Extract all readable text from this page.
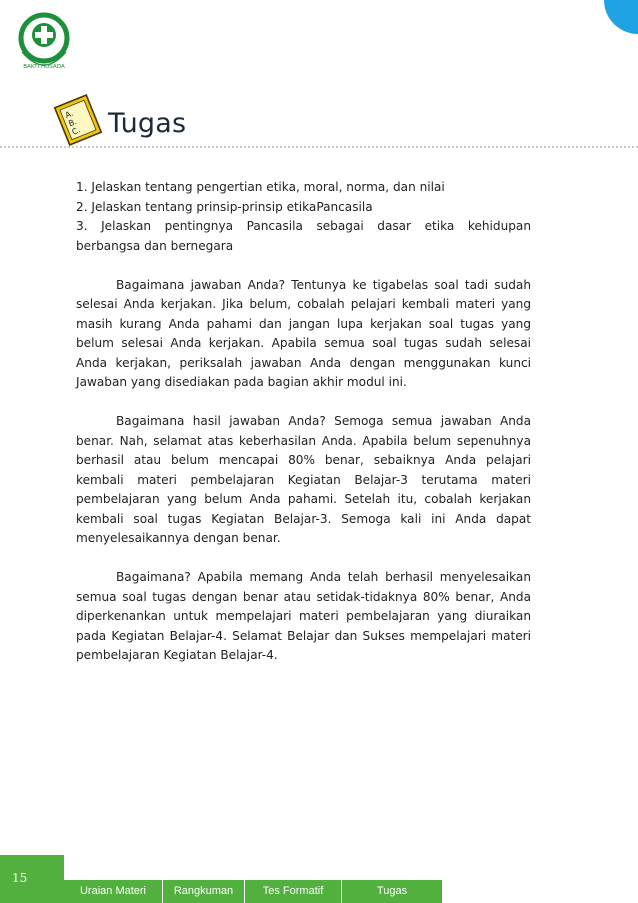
BAKTI HUSADA
A.
B.
C. Tugas

1. Jelaskan tentang pengertian etika, moral, norma, dan nilai

2. Jelaskan tentang prinsip-prinsip etikaPancasila

3. Jelaskan pentingnya Pancasila sebagai dasar etika kehidupan berbangsa dan bernegara

Bagaimana jawaban Anda? Tentunya ke tigabelas soal tadi sudah selesai Anda kerjakan. Jika belum, cobalah pelajari kembali materi yang masih kurang Anda pahami dan jangan lupa kerjakan soal tugas yang belum selesai Anda kerjakan. Apabila semua soal tugas sudah selesai Anda kerjakan, periksalah jawaban Anda dengan menggunakan kunci Jawaban yang disediakan pada bagian akhir modul ini.

Bagaimana hasil jawaban Anda? Semoga semua jawaban Anda benar. Nah, selamat atas keberhasilan Anda. Apabila belum sepenuhnya berhasil atau belum mencapai 80% benar, sebaiknya Anda pelajari kembali materi pembelajaran Kegiatan Belajar-3 terutama materi pembelajaran yang belum Anda pahami. Setelah itu, cobalah kerjakan kembali soal tugas Kegiatan Belajar-3. Semoga kali ini Anda dapat menyelesaikannya dengan benar.

Bagaimana? Apabila memang Anda telah berhasil menyelesaikan semua soal tugas dengan benar atau setidak-tidaknya 80% benar, Anda diperkenankan untuk mempelajari materi pembelajaran yang diuraikan pada Kegiatan Belajar-4. Selamat Belajar dan Sukses mempelajari materi pembelajaran Kegiatan Belajar-4.

15
Uraian Materi	Rangkuman	Tes Formatif	Tugas
